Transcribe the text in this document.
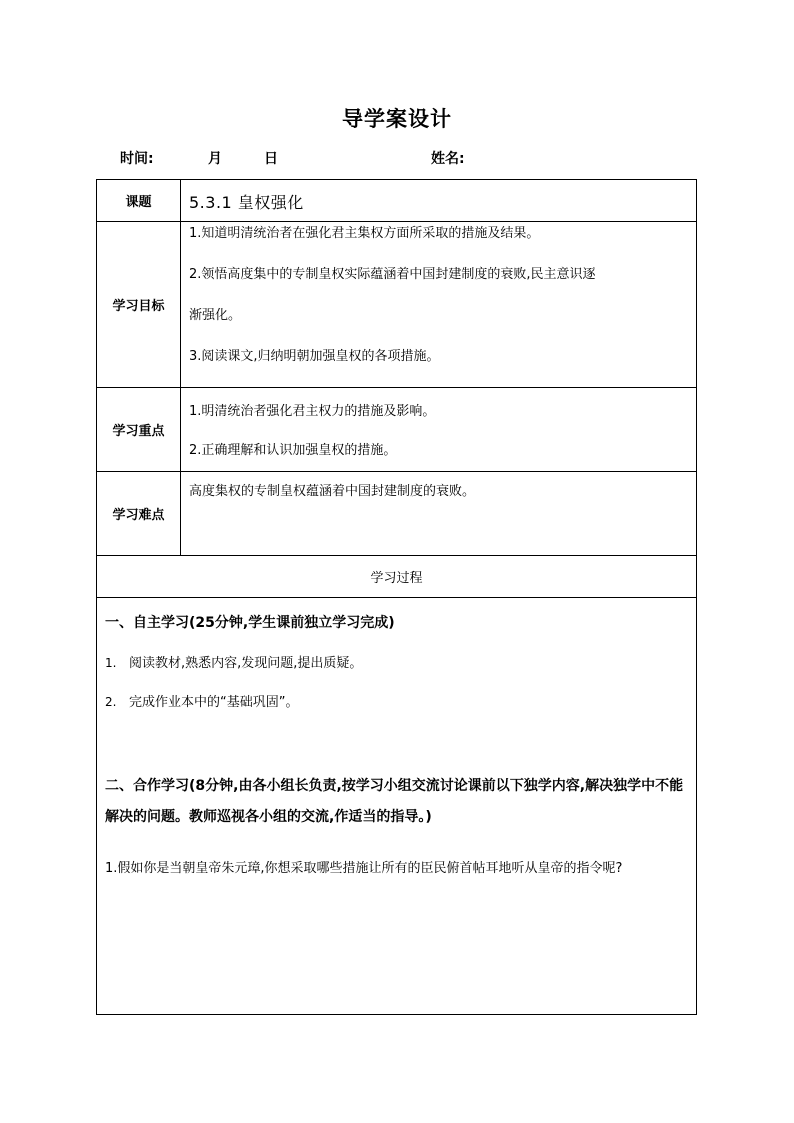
导学案设计
时间:	月	日	姓名:
课题	5.3.1 皇权强化

学习目标	1.知道明清统治者在强化君主集权方面所采取的措施及结果。
2.领悟高度集中的专制皇权实际蕴涵着中国封建制度的衰败,民主意识逐
渐强化。
3.阅读课文,归纳明朝加强皇权的各项措施。

学习重点	1.明清统治者强化君主权力的措施及影响。
2.正确理解和认识加强皇权的措施。

学习难点	高度集权的专制皇权蕴涵着中国封建制度的衰败。

学习过程	

一、自主学习(25分钟,学生课前独立学习完成)
1. 阅读教材,熟悉内容,发现问题,提出质疑。
2. 完成作业本中的“基础巩固”。
二、合作学习(8分钟,由各小组长负责,按学习小组交流讨论课前以下独学内容,解决独学中不能解决的问题。教师巡视各小组的交流,作适当的指导。)
1.假如你是当朝皇帝朱元璋,你想采取哪些措施让所有的臣民俯首帖耳地听从皇帝的指令呢?	
